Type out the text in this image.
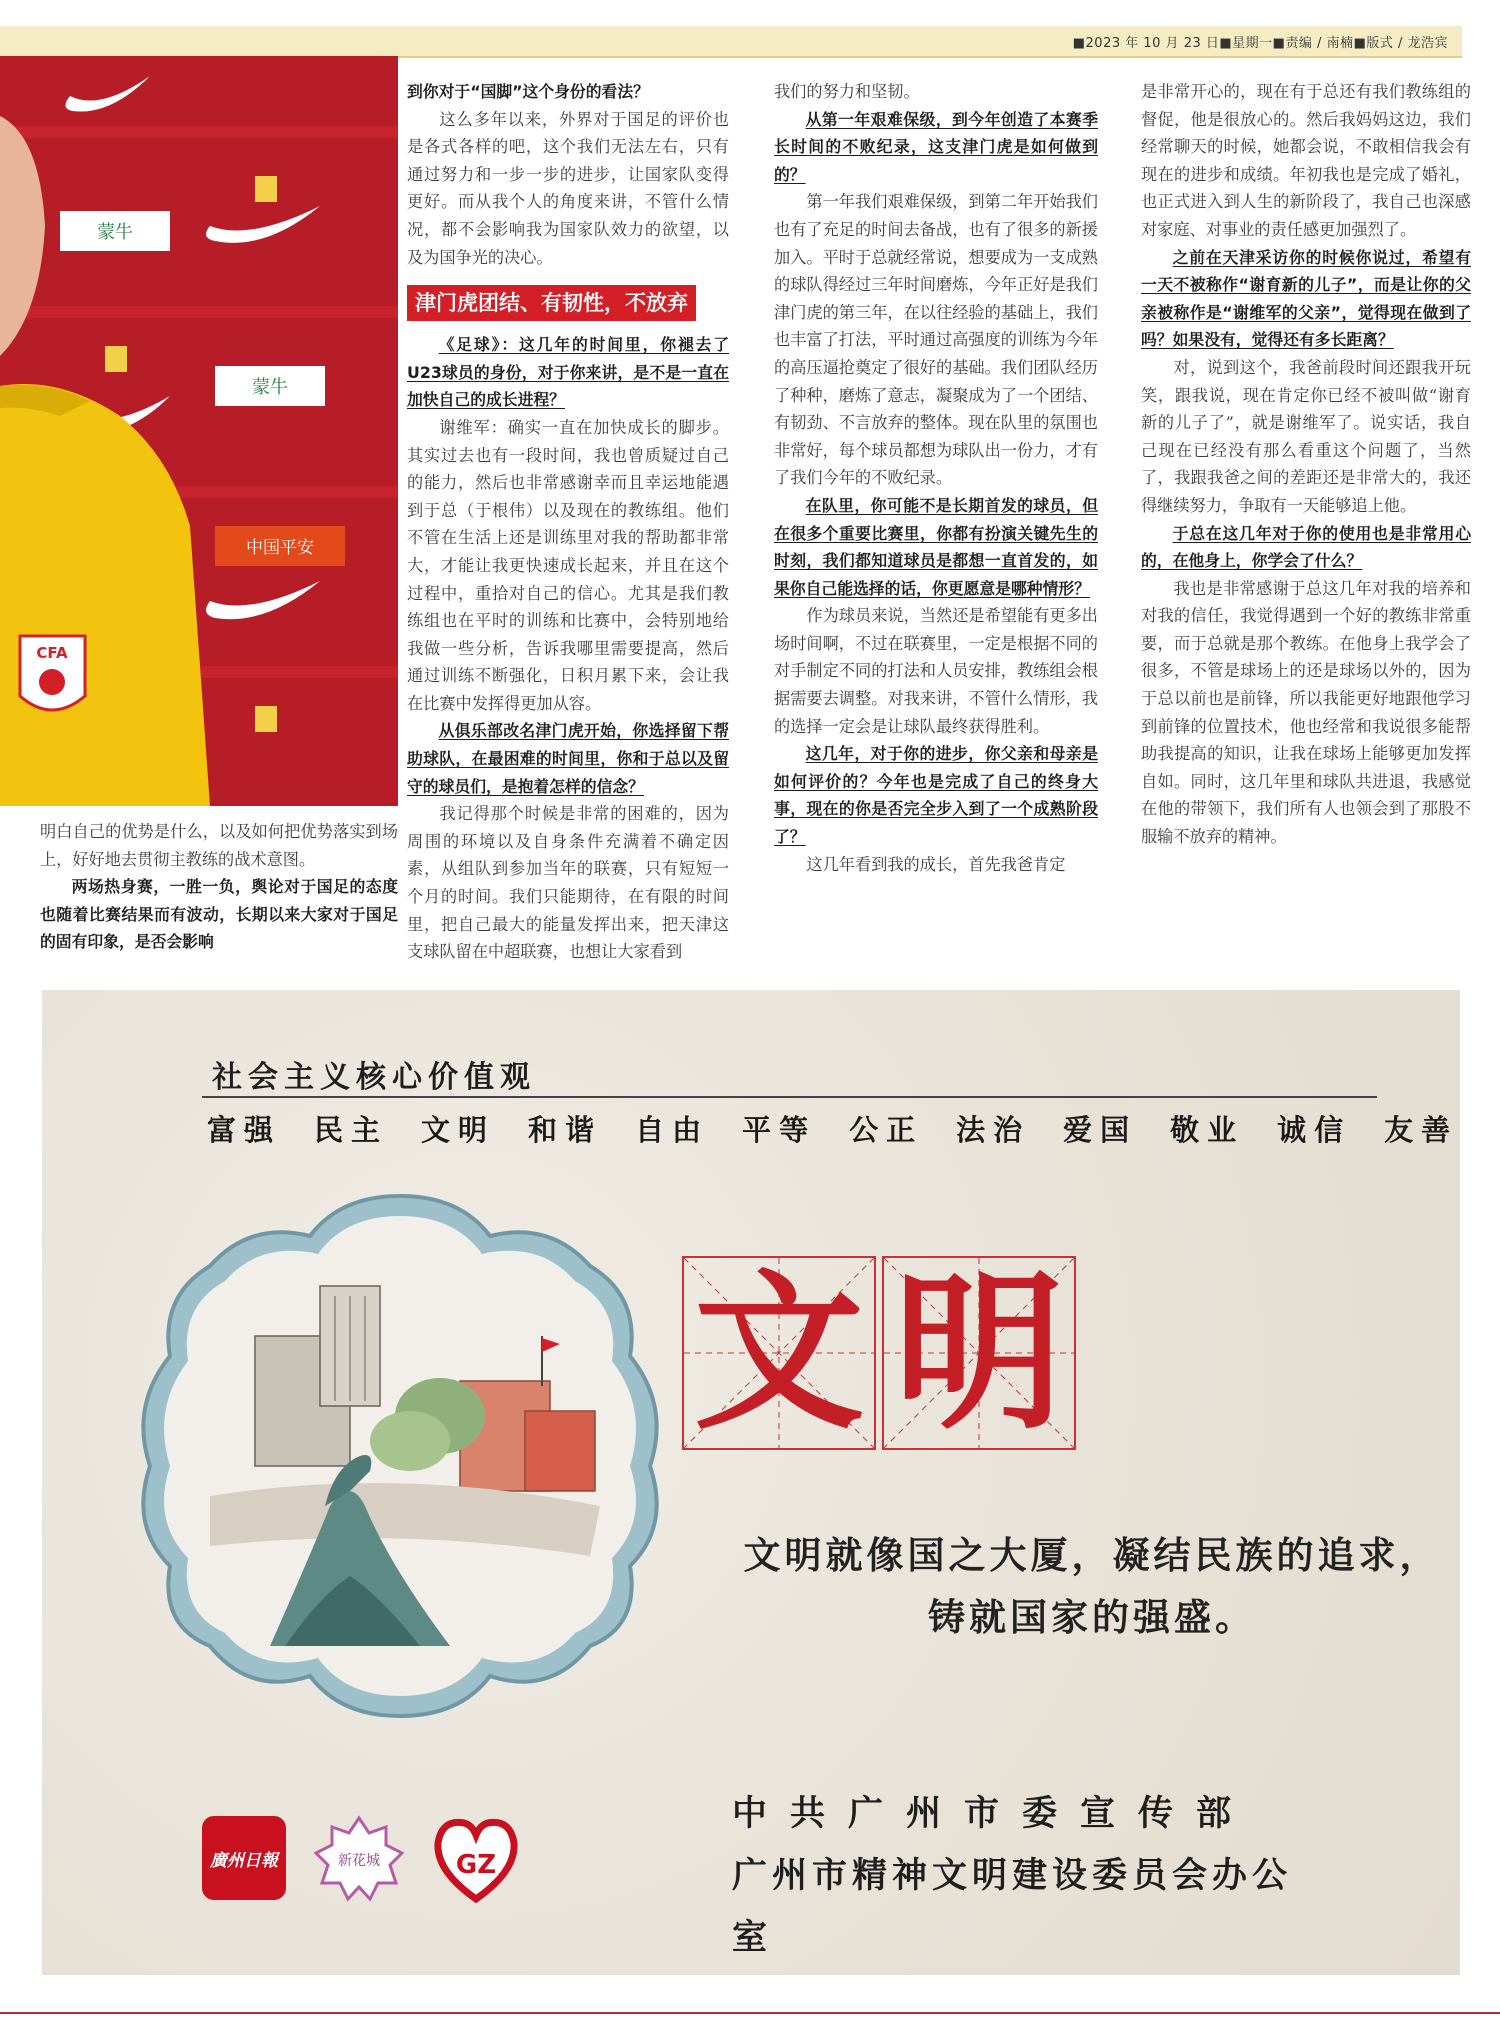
■2023 年 10 月 23 日■星期一■责编 / 南楠■版式 / 龙浩宾
蒙牛
蒙牛
中国平安
CFA

明白自己的优势是什么，以及如何把优势落实到场上，好好地去贯彻主教练的战术意图。

两场热身赛，一胜一负，舆论对于国足的态度也随着比赛结果而有波动，长期以来大家对于国足的固有印象，是否会影响

到你对于“国脚”这个身份的看法？

这么多年以来，外界对于国足的评价也是各式各样的吧，这个我们无法左右，只有通过努力和一步一步的进步，让国家队变得更好。而从我个人的角度来讲，不管什么情况，都不会影响我为国家队效力的欲望，以及为国争光的决心。

津门虎团结、有韧性，不放弃

《足球》：这几年的时间里，你褪去了U23球员的身份，对于你来讲，是不是一直在加快自己的成长进程？

谢维军：确实一直在加快成长的脚步。其实过去也有一段时间，我也曾质疑过自己的能力，然后也非常感谢幸而且幸运地能遇到于总（于根伟）以及现在的教练组。他们不管在生活上还是训练里对我的帮助都非常大，才能让我更快速成长起来，并且在这个过程中，重拾对自己的信心。尤其是我们教练组也在平时的训练和比赛中，会特别地给我做一些分析，告诉我哪里需要提高，然后通过训练不断强化，日积月累下来，会让我在比赛中发挥得更加从容。

从俱乐部改名津门虎开始，你选择留下帮助球队，在最困难的时间里，你和于总以及留守的球员们，是抱着怎样的信念？

我记得那个时候是非常的困难的，因为周围的环境以及自身条件充满着不确定因素，从组队到参加当年的联赛，只有短短一个月的时间。我们只能期待，在有限的时间里，把自己最大的能量发挥出来，把天津这支球队留在中超联赛，也想让大家看到

我们的努力和坚韧。

从第一年艰难保级，到今年创造了本赛季长时间的不败纪录，这支津门虎是如何做到的？

第一年我们艰难保级，到第二年开始我们也有了充足的时间去备战，也有了很多的新援加入。平时于总就经常说，想要成为一支成熟的球队得经过三年时间磨炼，今年正好是我们津门虎的第三年，在以往经验的基础上，我们也丰富了打法，平时通过高强度的训练为今年的高压逼抢奠定了很好的基础。我们团队经历了种种，磨炼了意志，凝聚成为了一个团结、有韧劲、不言放弃的整体。现在队里的氛围也非常好，每个球员都想为球队出一份力，才有了我们今年的不败纪录。

在队里，你可能不是长期首发的球员，但在很多个重要比赛里，你都有扮演关键先生的时刻，我们都知道球员是都想一直首发的，如果你自己能选择的话，你更愿意是哪种情形？

作为球员来说，当然还是希望能有更多出场时间啊，不过在联赛里，一定是根据不同的对手制定不同的打法和人员安排，教练组会根据需要去调整。对我来讲，不管什么情形，我的选择一定会是让球队最终获得胜利。

这几年，对于你的进步，你父亲和母亲是如何评价的？今年也是完成了自己的终身大事，现在的你是否完全步入到了一个成熟阶段了？

这几年看到我的成长，首先我爸肯定

是非常开心的，现在有于总还有我们教练组的督促，他是很放心的。然后我妈妈这边，我们经常聊天的时候，她都会说，不敢相信我会有现在的进步和成绩。年初我也是完成了婚礼，也正式进入到人生的新阶段了，我自己也深感对家庭、对事业的责任感更加强烈了。

之前在天津采访你的时候你说过，希望有一天不被称作“谢育新的儿子”，而是让你的父亲被称作是“谢维军的父亲”，觉得现在做到了吗？如果没有，觉得还有多长距离？

对，说到这个，我爸前段时间还跟我开玩笑，跟我说，现在肯定你已经不被叫做“谢育新的儿子了”，就是谢维军了。说实话，我自己现在已经没有那么看重这个问题了，当然了，我跟我爸之间的差距还是非常大的，我还得继续努力，争取有一天能够追上他。

于总在这几年对于你的使用也是非常用心的，在他身上，你学会了什么？

我也是非常感谢于总这几年对我的培养和对我的信任，我觉得遇到一个好的教练非常重要，而于总就是那个教练。在他身上我学会了很多，不管是球场上的还是球场以外的，因为于总以前也是前锋，所以我能更好地跟他学习到前锋的位置技术，他也经常和我说很多能帮助我提高的知识，让我在球场上能够更加发挥自如。同时，这几年里和球队共进退，我感觉在他的带领下，我们所有人也领会到了那股不服输不放弃的精神。

社会主义核心价值观
富强 民主 文明 和谐 自由 平等 公正 法治 爱国 敬业 诚信 友善
文 明
文明就像国之大厦，凝结民族的追求，
铸就国家的强盛。
廣州日報	新花城	GZ
中共广州市委宣传部
广州市精神文明建设委员会办公室
